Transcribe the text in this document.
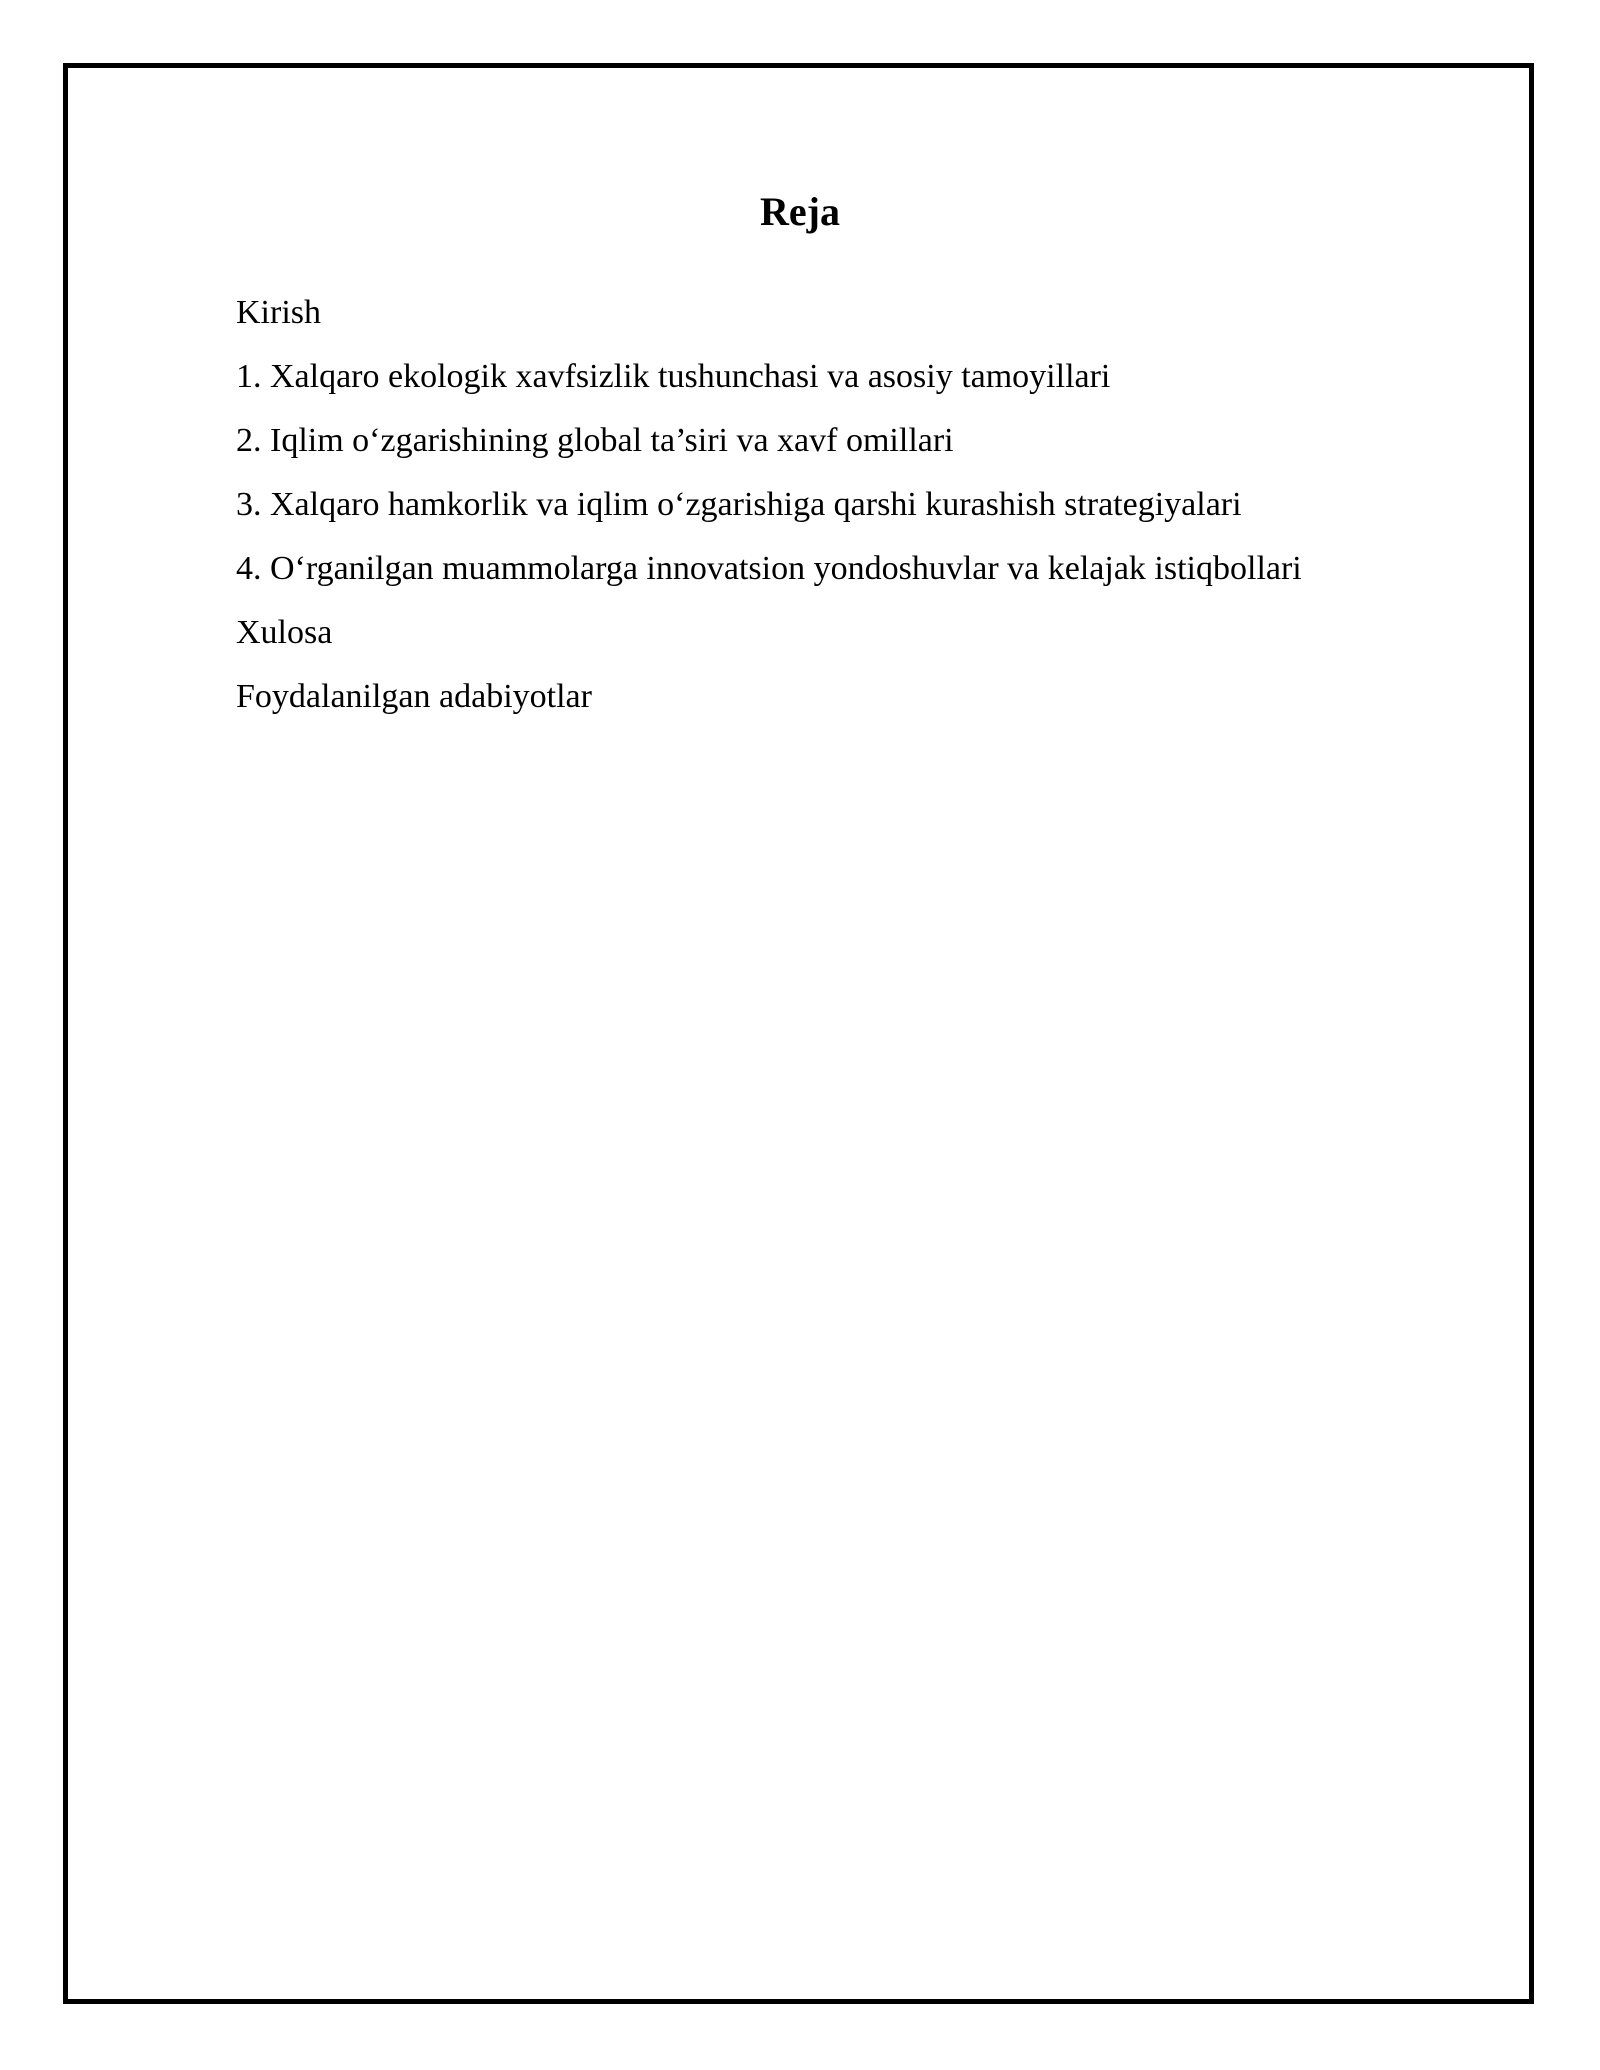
Reja
Kirish
1. Xalqaro ekologik xavfsizlik tushunchasi va asosiy tamoyillari
2. Iqlim o‘zgarishining global ta’siri va xavf omillari
3. Xalqaro hamkorlik va iqlim o‘zgarishiga qarshi kurashish strategiyalari
4. O‘rganilgan muammolarga innovatsion yondoshuvlar va kelajak istiqbollari
Xulosa
Foydalanilgan adabiyotlar
